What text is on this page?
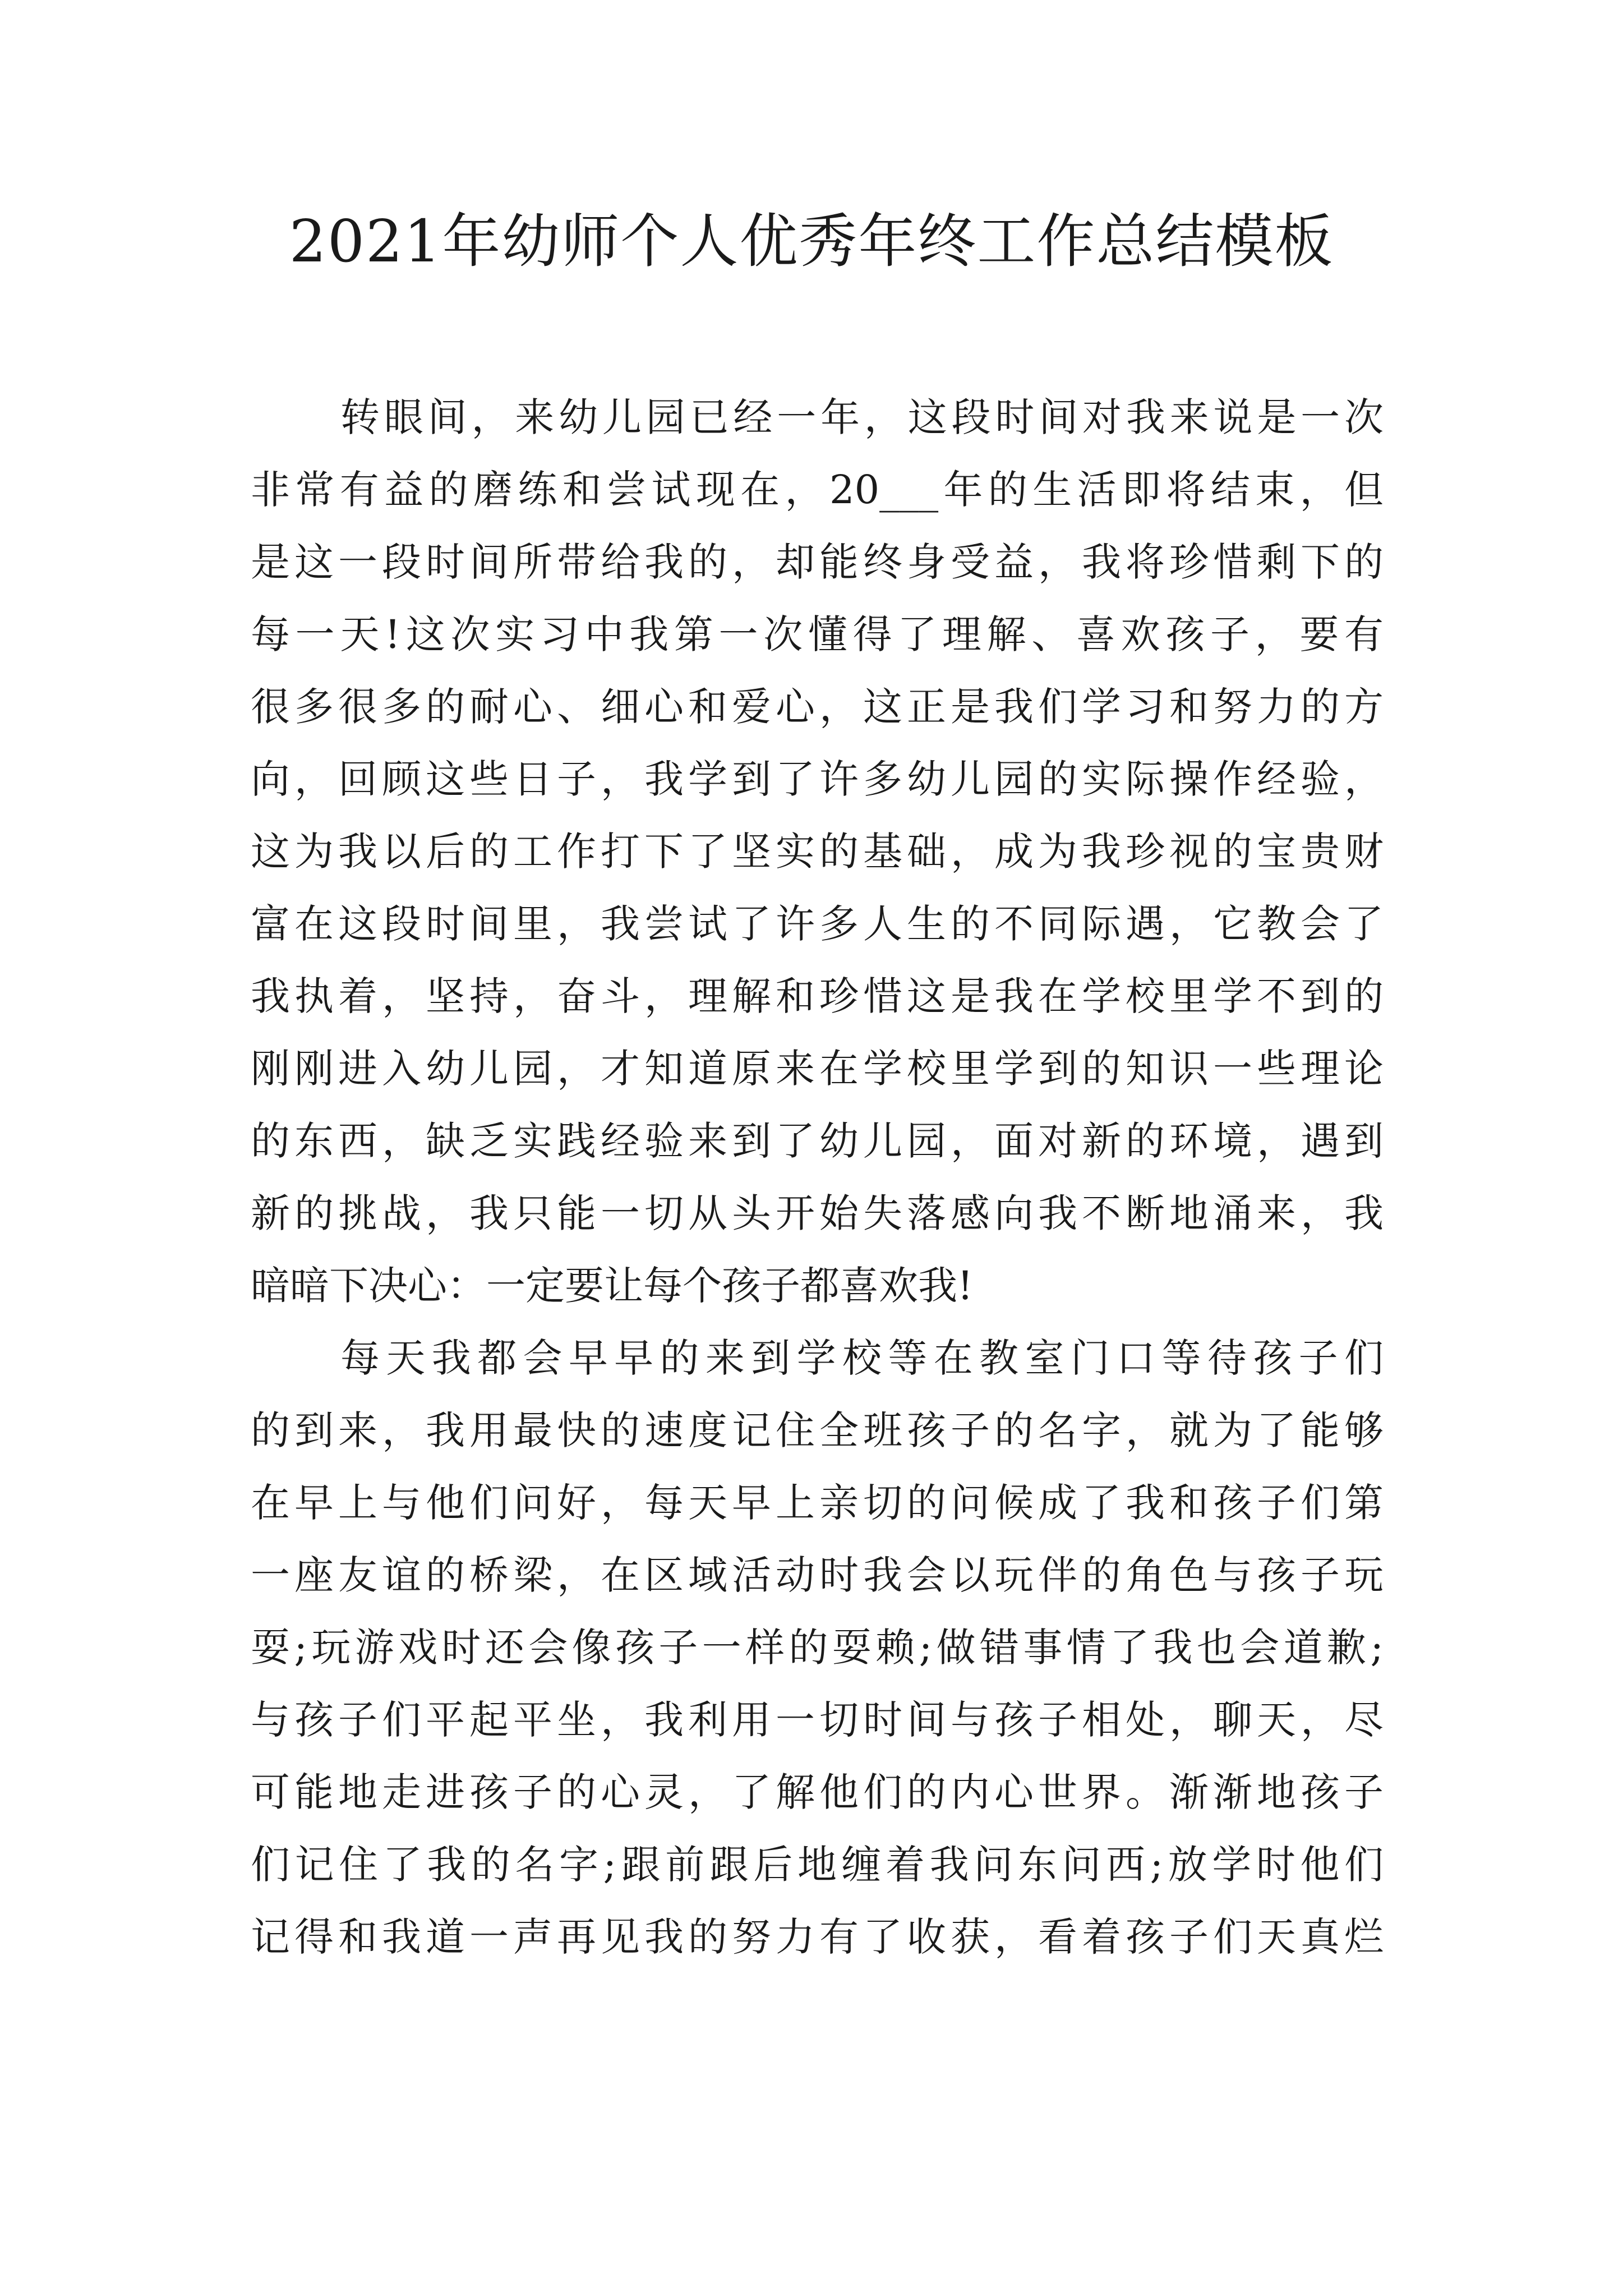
2021年幼师个人优秀年终工作总结模板
转眼间，来幼儿园已经一年，这段时间对我来说是一次
非常有益的磨练和尝试现在，20___年的生活即将结束，但
是这一段时间所带给我的，却能终身受益，我将珍惜剩下的
每一天!这次实习中我第一次懂得了理解、喜欢孩子，要有
很多很多的耐心、细心和爱心，这正是我们学习和努力的方
向，回顾这些日子，我学到了许多幼儿园的实际操作经验，
这为我以后的工作打下了坚实的基础，成为我珍视的宝贵财
富在这段时间里，我尝试了许多人生的不同际遇，它教会了
我执着，坚持，奋斗，理解和珍惜这是我在学校里学不到的
刚刚进入幼儿园，才知道原来在学校里学到的知识一些理论
的东西，缺乏实践经验来到了幼儿园，面对新的环境，遇到
新的挑战，我只能一切从头开始失落感向我不断地涌来，我
暗暗下决心：一定要让每个孩子都喜欢我!
每天我都会早早的来到学校等在教室门口等待孩子们
的到来，我用最快的速度记住全班孩子的名字，就为了能够
在早上与他们问好，每天早上亲切的问候成了我和孩子们第
一座友谊的桥梁，在区域活动时我会以玩伴的角色与孩子玩
耍;玩游戏时还会像孩子一样的耍赖;做错事情了我也会道歉;
与孩子们平起平坐，我利用一切时间与孩子相处，聊天，尽
可能地走进孩子的心灵，了解他们的内心世界。渐渐地孩子
们记住了我的名字;跟前跟后地缠着我问东问西;放学时他们
记得和我道一声再见我的努力有了收获，看着孩子们天真烂
